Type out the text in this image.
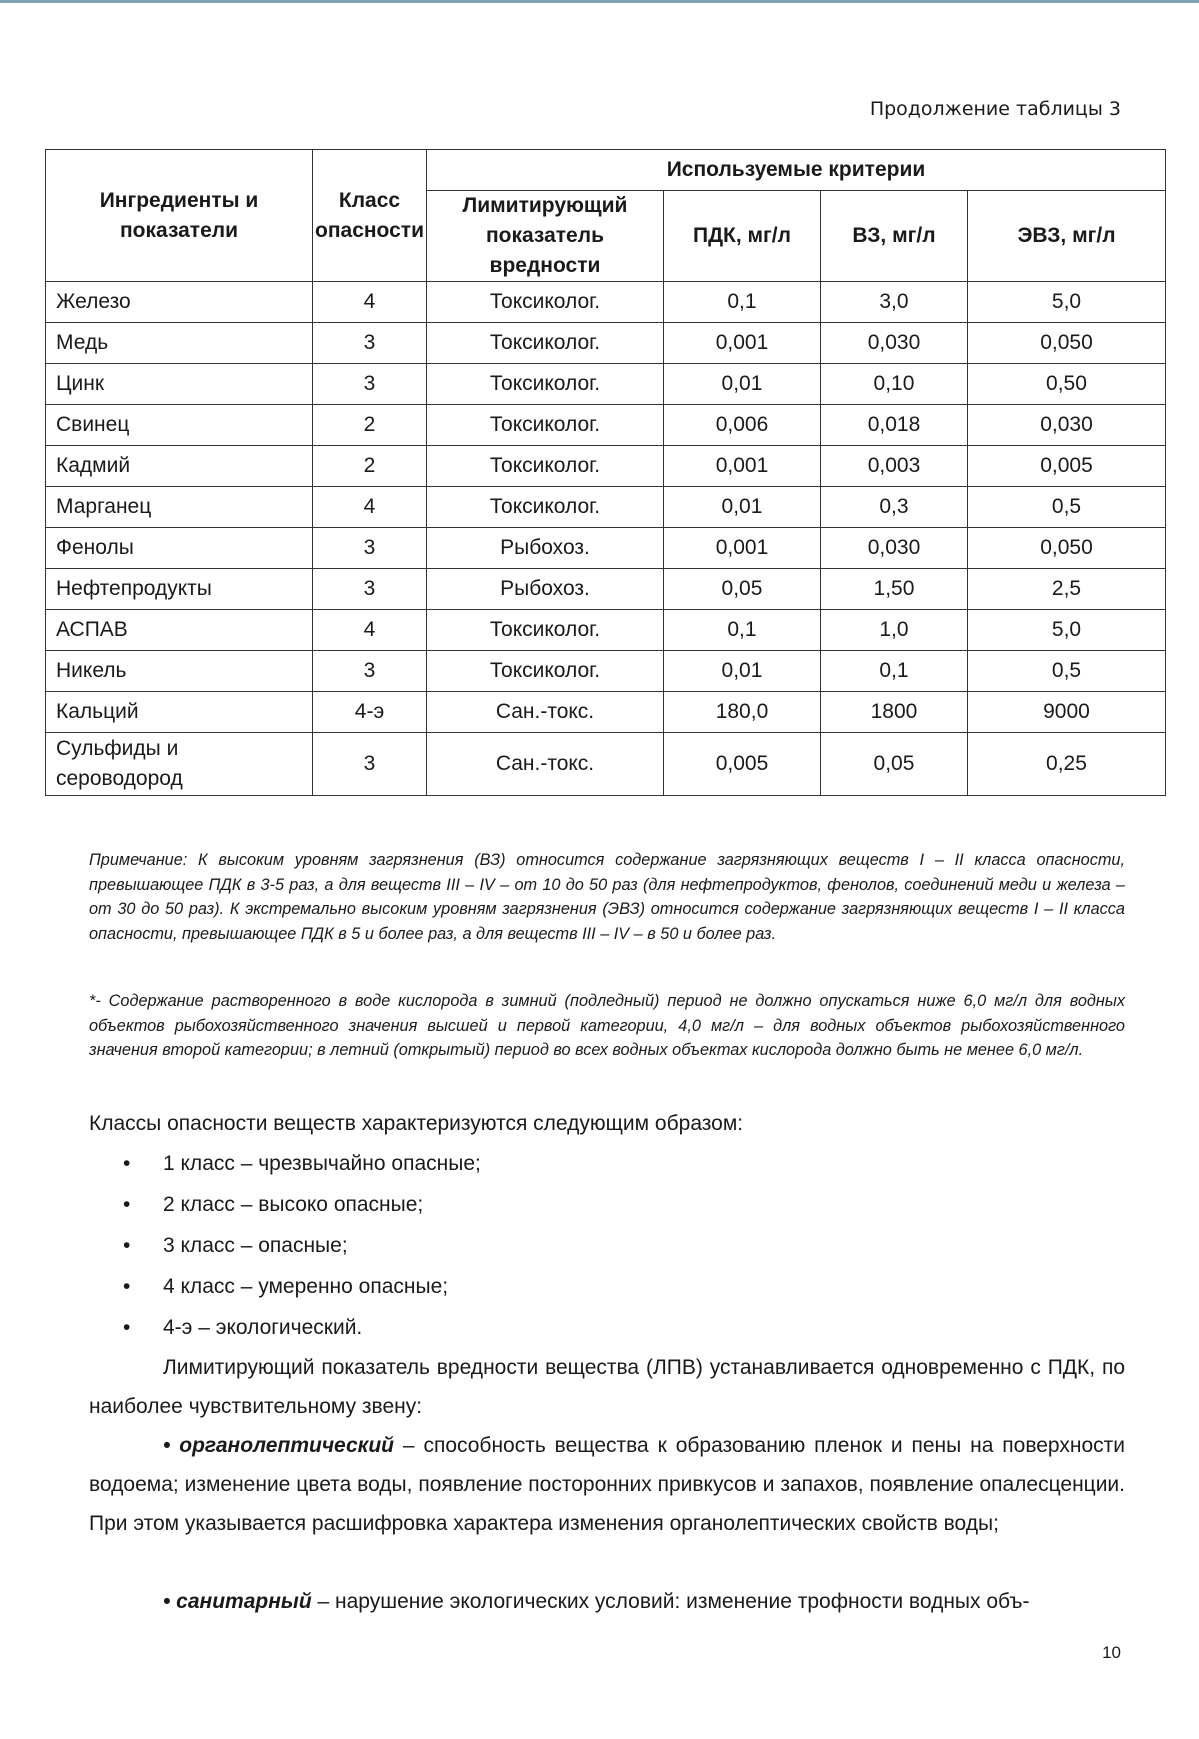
Продолжение таблицы 3
Ингредиенты и показатели	Класс опасности	Используемые критерии			
		Лимитирующий показатель вредности	ПДК, мг/л	ВЗ, мг/л	ЭВЗ, мг/л
Железо	4	Токсиколог.	0,1	3,0	5,0
Медь	3	Токсиколог.	0,001	0,030	0,050
Цинк	3	Токсиколог.	0,01	0,10	0,50
Свинец	2	Токсиколог.	0,006	0,018	0,030
Кадмий	2	Токсиколог.	0,001	0,003	0,005
Марганец	4	Токсиколог.	0,01	0,3	0,5
Фенолы	3	Рыбохоз.	0,001	0,030	0,050
Нефтепродукты	3	Рыбохоз.	0,05	1,50	2,5
АСПАВ	4	Токсиколог.	0,1	1,0	5,0
Никель	3	Токсиколог.	0,01	0,1	0,5
Кальций	4-э	Сан.-токс.	180,0	1800	9000
Сульфиды и сероводород	3	Сан.-токс.	0,005	0,05	0,25
Примечание: К высоким уровням загрязнения (ВЗ) относится содержание загрязняющих веществ I – II класса опасности, превышающее ПДК в 3-5 раз, а для веществ III – IV – от 10 до 50 раз (для нефтепродуктов, фенолов, соединений меди и железа – от 30 до 50 раз). К экстремально высоким уровням загрязнения (ЭВЗ) относится содержание загрязняющих веществ I – II класса опасности, превышающее ПДК в 5 и более раз, а для веществ III – IV – в 50 и более раз.
*- Содержание растворенного в воде кислорода в зимний (подледный) период не должно опускаться ниже 6,0 мг/л для водных объектов рыбохозяйственного значения высшей и первой категории, 4,0 мг/л – для водных объектов рыбохозяйственного значения второй категории; в летний (открытый) период во всех водных объектах кислорода должно быть не менее 6,0 мг/л.
Классы опасности веществ характеризуются следующим образом:
• 1 класс – чрезвычайно опасные;
• 2 класс – высоко опасные;
• 3 класс – опасные;
• 4 класс – умеренно опасные;
• 4-э – экологический.
Лимитирующий показатель вредности вещества (ЛПВ) устанавливается одновременно с ПДК, по наиболее чувствительному звену:
• органолептический – способность вещества к образованию пленок и пены на поверхности водоема; изменение цвета воды, появление посторонних привкусов и запахов, появление опалесценции. При этом указывается расшифровка характера изменения органолептических свойств воды;
• санитарный – нарушение экологических условий: изменение трофности водных объ-
10
